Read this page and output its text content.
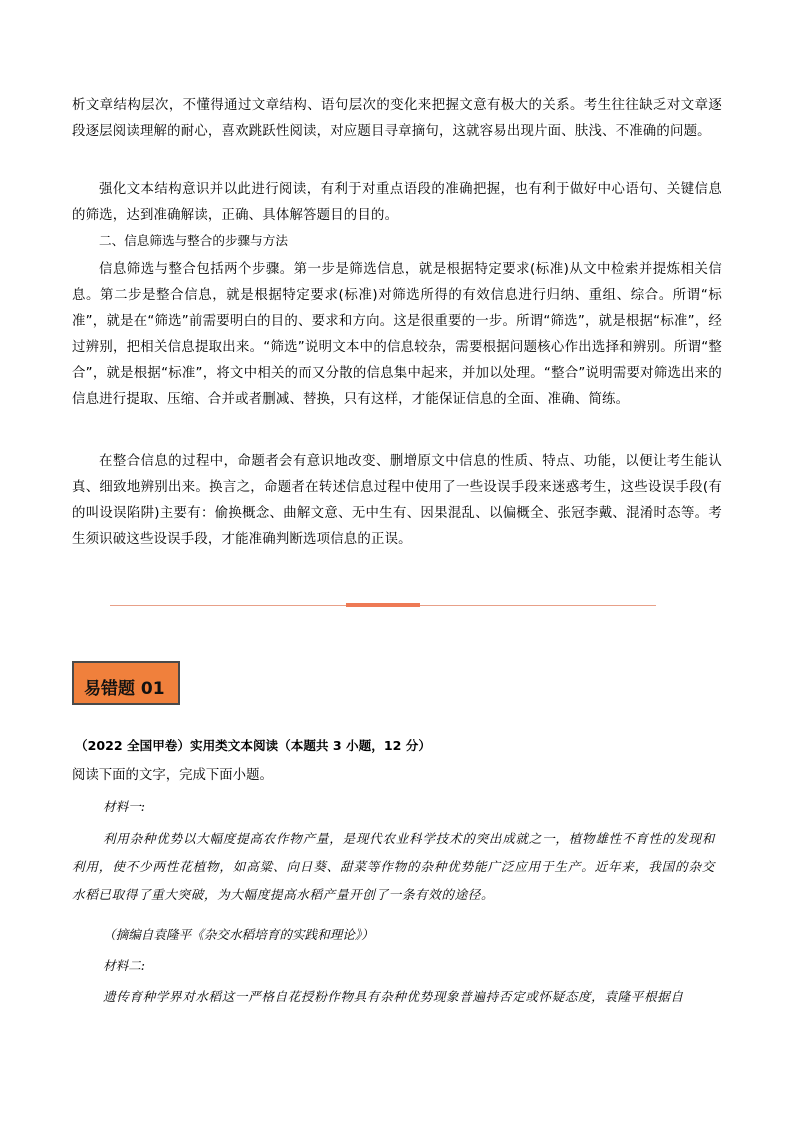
析文章结构层次，不懂得通过文章结构、语句层次的变化来把握文意有极大的关系。考生往往缺乏对文章逐段逐层阅读理解的耐心，喜欢跳跃性阅读，对应题目寻章摘句，这就容易出现片面、肤浅、不准确的问题。

强化文本结构意识并以此进行阅读，有利于对重点语段的准确把握，也有利于做好中心语句、关键信息的筛选，达到准确解读，正确、具体解答题目的目的。

二、信息筛选与整合的步骤与方法

信息筛选与整合包括两个步骤。第一步是筛选信息，就是根据特定要求(标准)从文中检索并提炼相关信息。第二步是整合信息，就是根据特定要求(标准)对筛选所得的有效信息进行归纳、重组、综合。所谓“标准”，就是在“筛选”前需要明白的目的、要求和方向。这是很重要的一步。所谓“筛选”，就是根据“标准”，经过辨别，把相关信息提取出来。“筛选”说明文本中的信息较杂，需要根据问题核心作出选择和辨别。所谓“整合”，就是根据“标准”，将文中相关的而又分散的信息集中起来，并加以处理。“整合”说明需要对筛选出来的信息进行提取、压缩、合并或者删减、替换，只有这样，才能保证信息的全面、准确、简练。

在整合信息的过程中，命题者会有意识地改变、删增原文中信息的性质、特点、功能，以便让考生能认真、细致地辨别出来。换言之，命题者在转述信息过程中使用了一些设误手段来迷惑考生，这些设误手段(有的叫设误陷阱)主要有：偷换概念、曲解文意、无中生有、因果混乱、以偏概全、张冠李戴、混淆时态等。考生须识破这些设误手段，才能准确判断选项信息的正误。

易错题 01

（2022 全国甲卷）实用类文本阅读（本题共 3 小题，12 分）

阅读下面的文字，完成下面小题。

材料一:

利用杂种优势以大幅度提高农作物产量，是现代农业科学技术的突出成就之一，植物雄性不育性的发现和利用，使不少两性花植物，如高粱、向日葵、甜菜等作物的杂种优势能广泛应用于生产。近年来，我国的杂交水稻已取得了重大突破，为大幅度提高水稻产量开创了一条有效的途径。

（摘编自袁隆平《杂交水稻培育的实践和理论》）

材料二:

遗传育种学界对水稻这一严格自花授粉作物具有杂种优势现象普遍持否定或怀疑态度，袁隆平根据自
